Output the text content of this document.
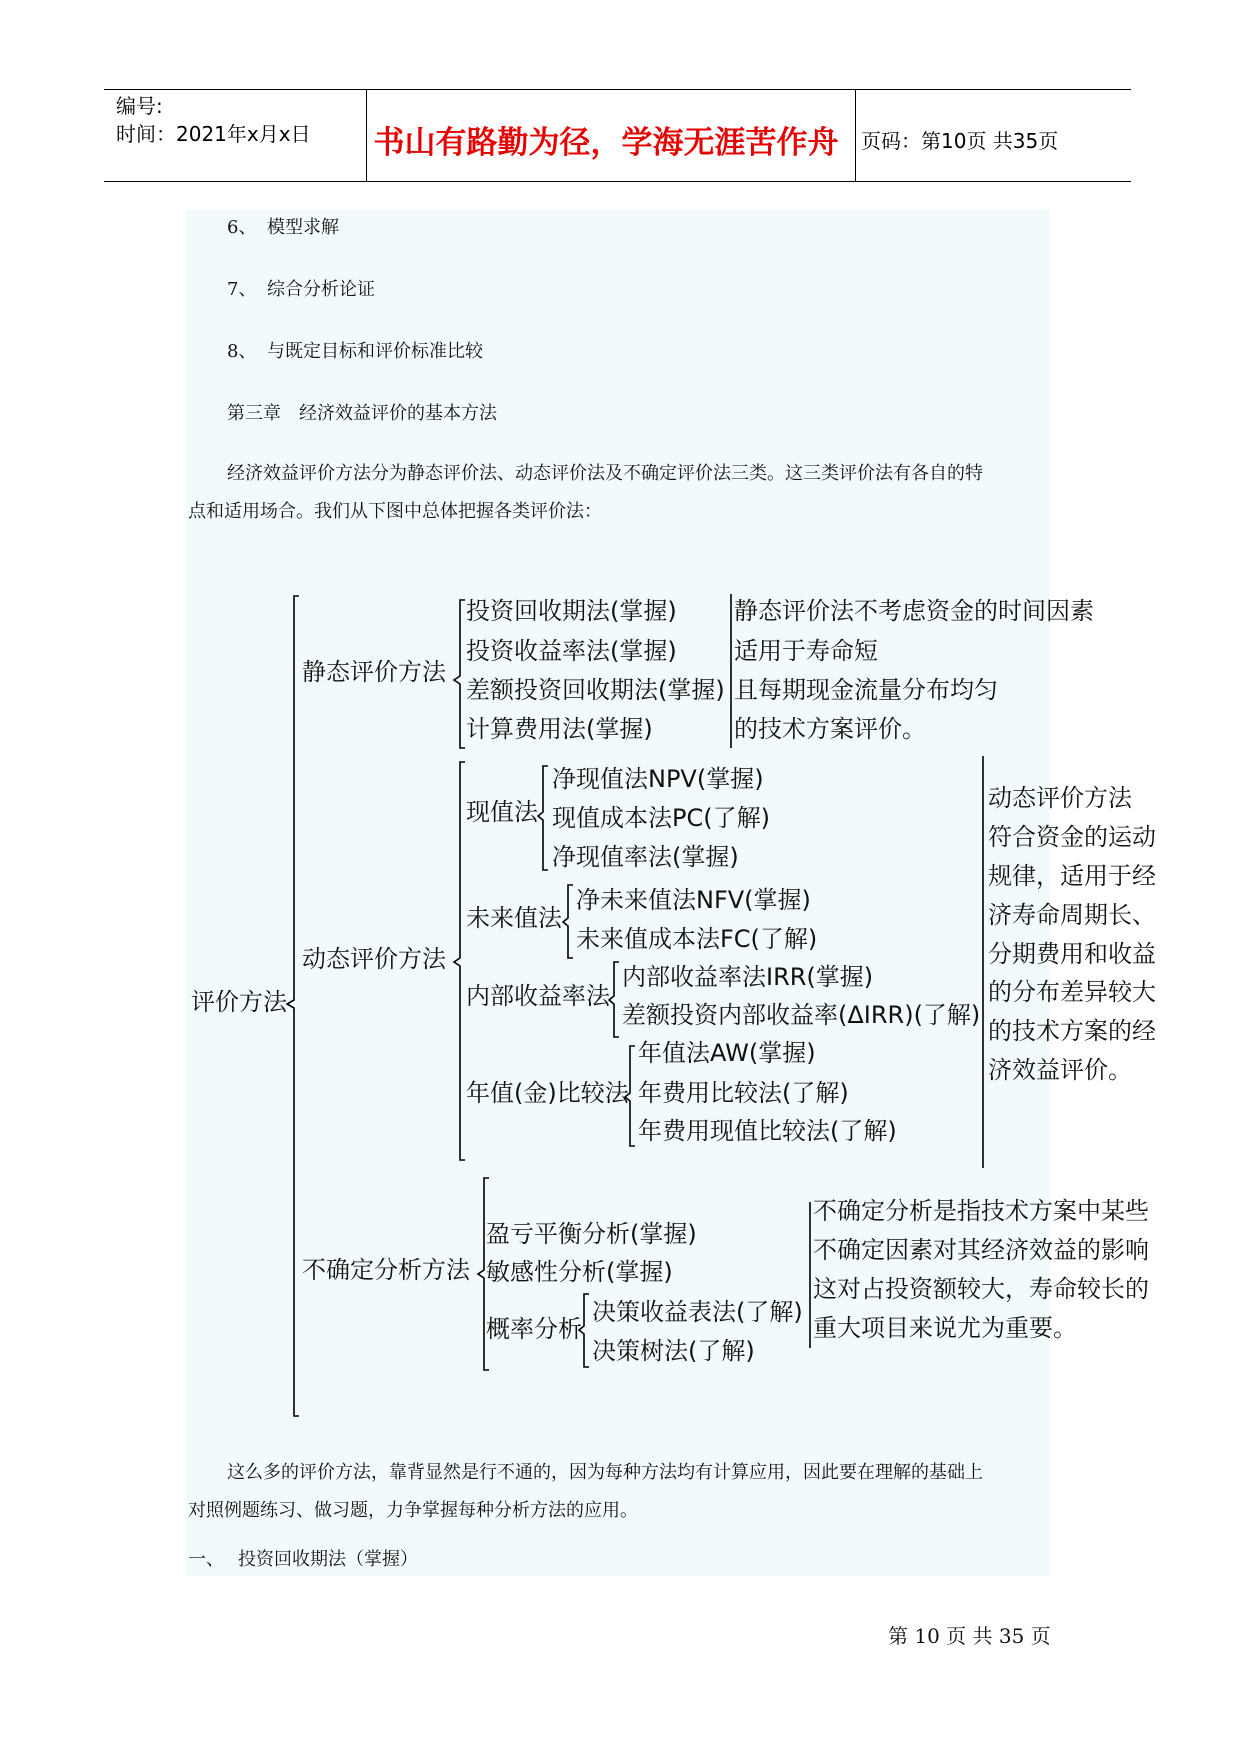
编号:
时间：2021年x月x日 书山有路勤为径，学海无涯苦作舟	页码：第10页 共35页
6、 模型求解
7、 综合分析论证
8、 与既定目标和评价标准比较
第三章　经济效益评价的基本方法
经济效益评价方法分为静态评价法、动态评价法及不确定评价法三类。这三类评价法有各自的特
点和适用场合。我们从下图中总体把握各类评价法：
评价方法
静态评价方法
投资回收期法(掌握)
投资收益率法(掌握)
差额投资回收期法(掌握)
计算费用法(掌握)
静态评价法不考虑资金的时间因素
适用于寿命短
且每期现金流量分布均匀
的技术方案评价。
动态评价方法
现值法
净现值法NPV(掌握)
现值成本法PC(了解)
净现值率法(掌握)
未来值法
净未来值法NFV(掌握)
未来值成本法FC(了解)
内部收益率法
内部收益率法IRR(掌握)
差额投资内部收益率(ΔIRR)(了解)
年值(金)比较法
年值法AW(掌握)
年费用比较法(了解)
年费用现值比较法(了解)
动态评价方法
符合资金的运动
规律，适用于经
济寿命周期长、
分期费用和收益
的分布差异较大
的技术方案的经
济效益评价。
不确定分析方法
盈亏平衡分析(掌握)
敏感性分析(掌握)
概率分析
决策收益表法(了解)
决策树法(了解)
不确定分析是指技术方案中某些
不确定因素对其经济效益的影响
这对占投资额较大，寿命较长的
重大项目来说尤为重要。
这么多的评价方法，靠背显然是行不通的，因为每种方法均有计算应用，因此要在理解的基础上
对照例题练习、做习题，力争掌握每种分析方法的应用。
一、 投资回收期法（掌握）
第 10 页 共 35 页
